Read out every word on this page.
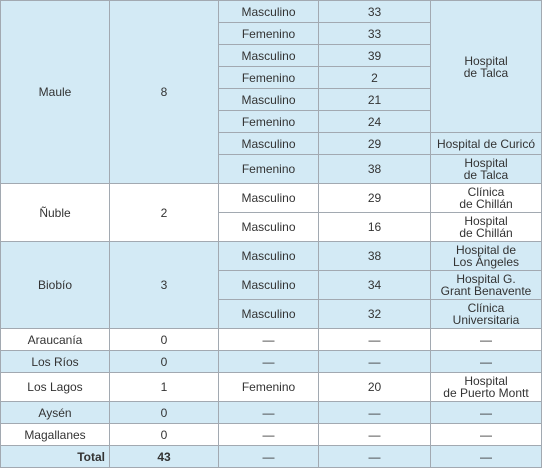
Maule	8	Masculino	33	Hospital
de Talca
		Femenino	33	
		Masculino	39	
		Femenino	2	
		Masculino	21	
		Femenino	24	
		Masculino	29	Hospital de Curicó
		Femenino	38	Hospital
de Talca
Ñuble	2	Masculino	29	Clínica
de Chillán
		Masculino	16	Hospital
de Chillán
Biobío	3	Masculino	38	Hospital de
Los Ángeles
		Masculino	34	Hospital G.
Grant Benavente
		Masculino	32	Clínica
Universitaria
Araucanía	0	—	—	—
Los Ríos	0	—	—	—
Los Lagos	1	Femenino	20	Hospital
de Puerto Montt
Aysén	0	—	—	—
Magallanes	0	—	—	—
Total	43	—	—	—
